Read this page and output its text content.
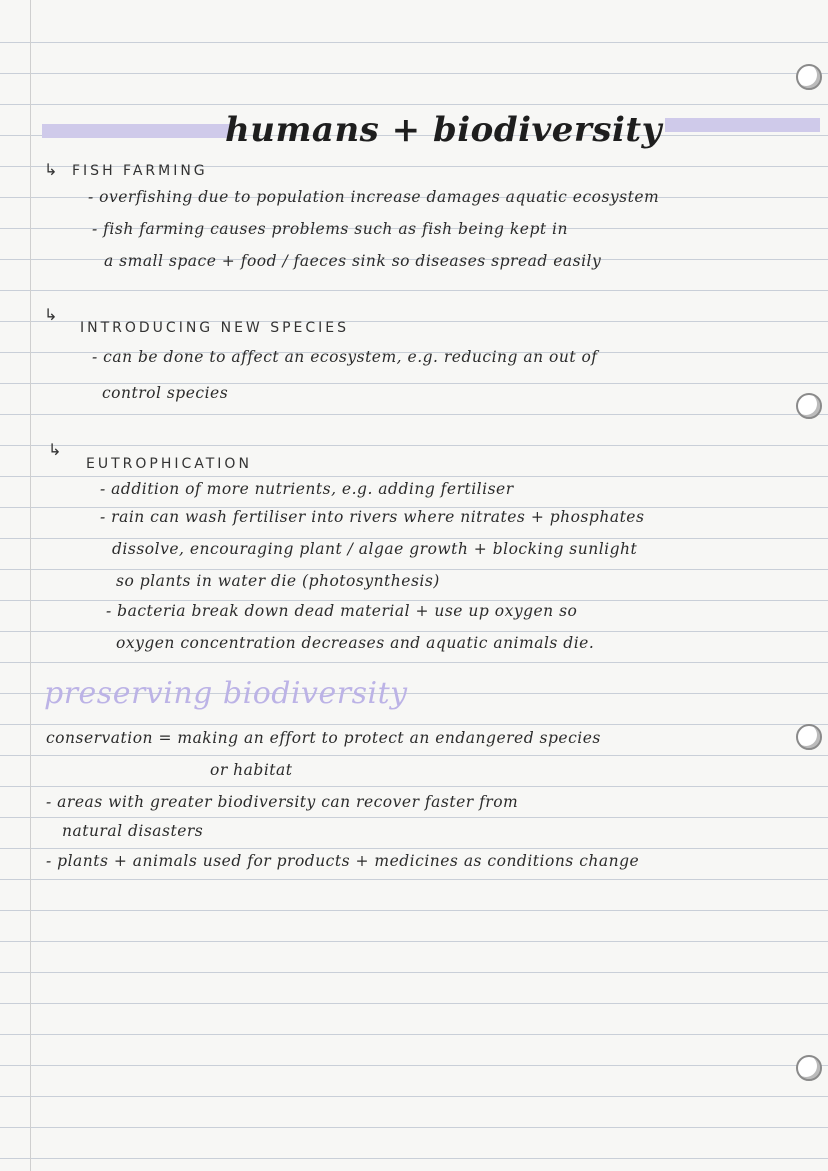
humans + biodiversity
↳ FISH FARMING
- overfishing due to population increase damages aquatic ecosystem
- fish farming causes problems such as fish being kept in
a small space + food / faeces sink so diseases spread easily
↳
INTRODUCING NEW SPECIES
- can be done to affect an ecosystem, e.g. reducing an out of
control species
↳
EUTROPHICATION
- addition of more nutrients, e.g. adding fertiliser
- rain can wash fertiliser into rivers where nitrates + phosphates
dissolve, encouraging plant / algae growth + blocking sunlight
so plants in water die (photosynthesis)
- bacteria break down dead material + use up oxygen so
oxygen concentration decreases and aquatic animals die.
preserving biodiversity
conservation = making an effort to protect an endangered species
or habitat
- areas with greater biodiversity can recover faster from
natural disasters
- plants + animals used for products + medicines as conditions change
